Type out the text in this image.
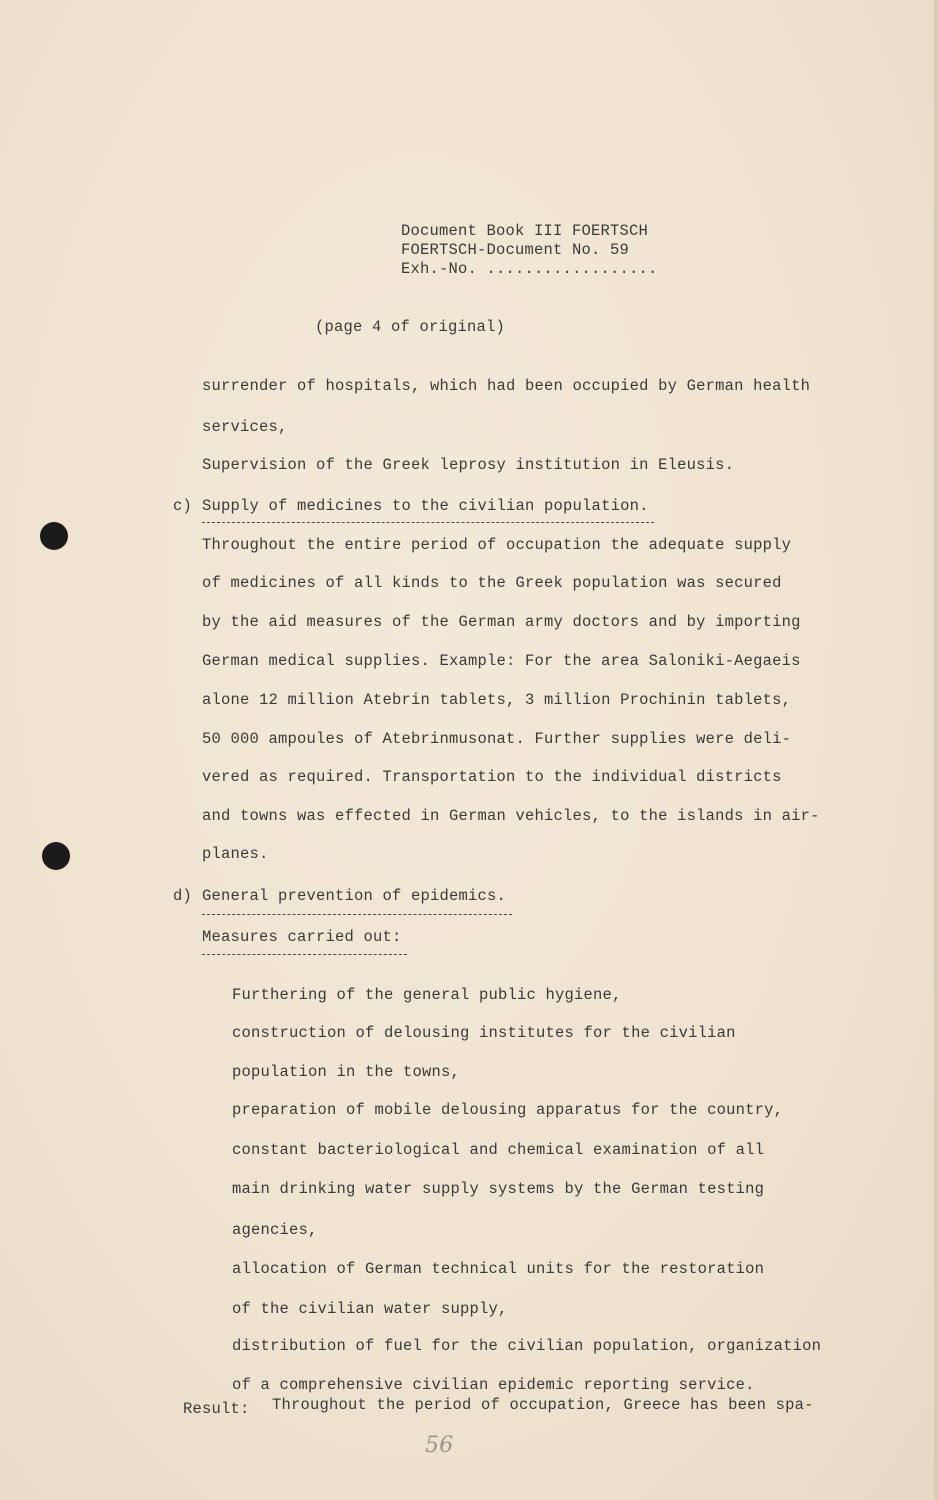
Document Book III FOERTSCH
FOERTSCH-Document No. 59
Exh.-No. ..................
(page 4 of original)
surrender of hospitals, which had been occupied by German health
services,
Supervision of the Greek leprosy institution in Eleusis.
c) Supply of medicines to the civilian population.
Throughout the entire period of occupation the adequate supply
of medicines of all kinds to the Greek population was secured
by the aid measures of the German army doctors and by importing
German medical supplies. Example: For the area Saloniki-Aegaeis
alone 12 million Atebrin tablets, 3 million Prochinin tablets,
50 000 ampoules of Atebrinmusonat. Further supplies were deli-
vered as required. Transportation to the individual districts
and towns was effected in German vehicles, to the islands in air-
planes.
d) General prevention of epidemics.
Measures carried out:
Furthering of the general public hygiene,
construction of delousing institutes for the civilian
population in the towns,
preparation of mobile delousing apparatus for the country,
constant bacteriological and chemical examination of all
main drinking water supply systems by the German testing
agencies,
allocation of German technical units for the restoration
of the civilian water supply,
distribution of fuel for the civilian population, organization
of a comprehensive civilian epidemic reporting service.
Result: Throughout the period of occupation, Greece has been spa-
56
